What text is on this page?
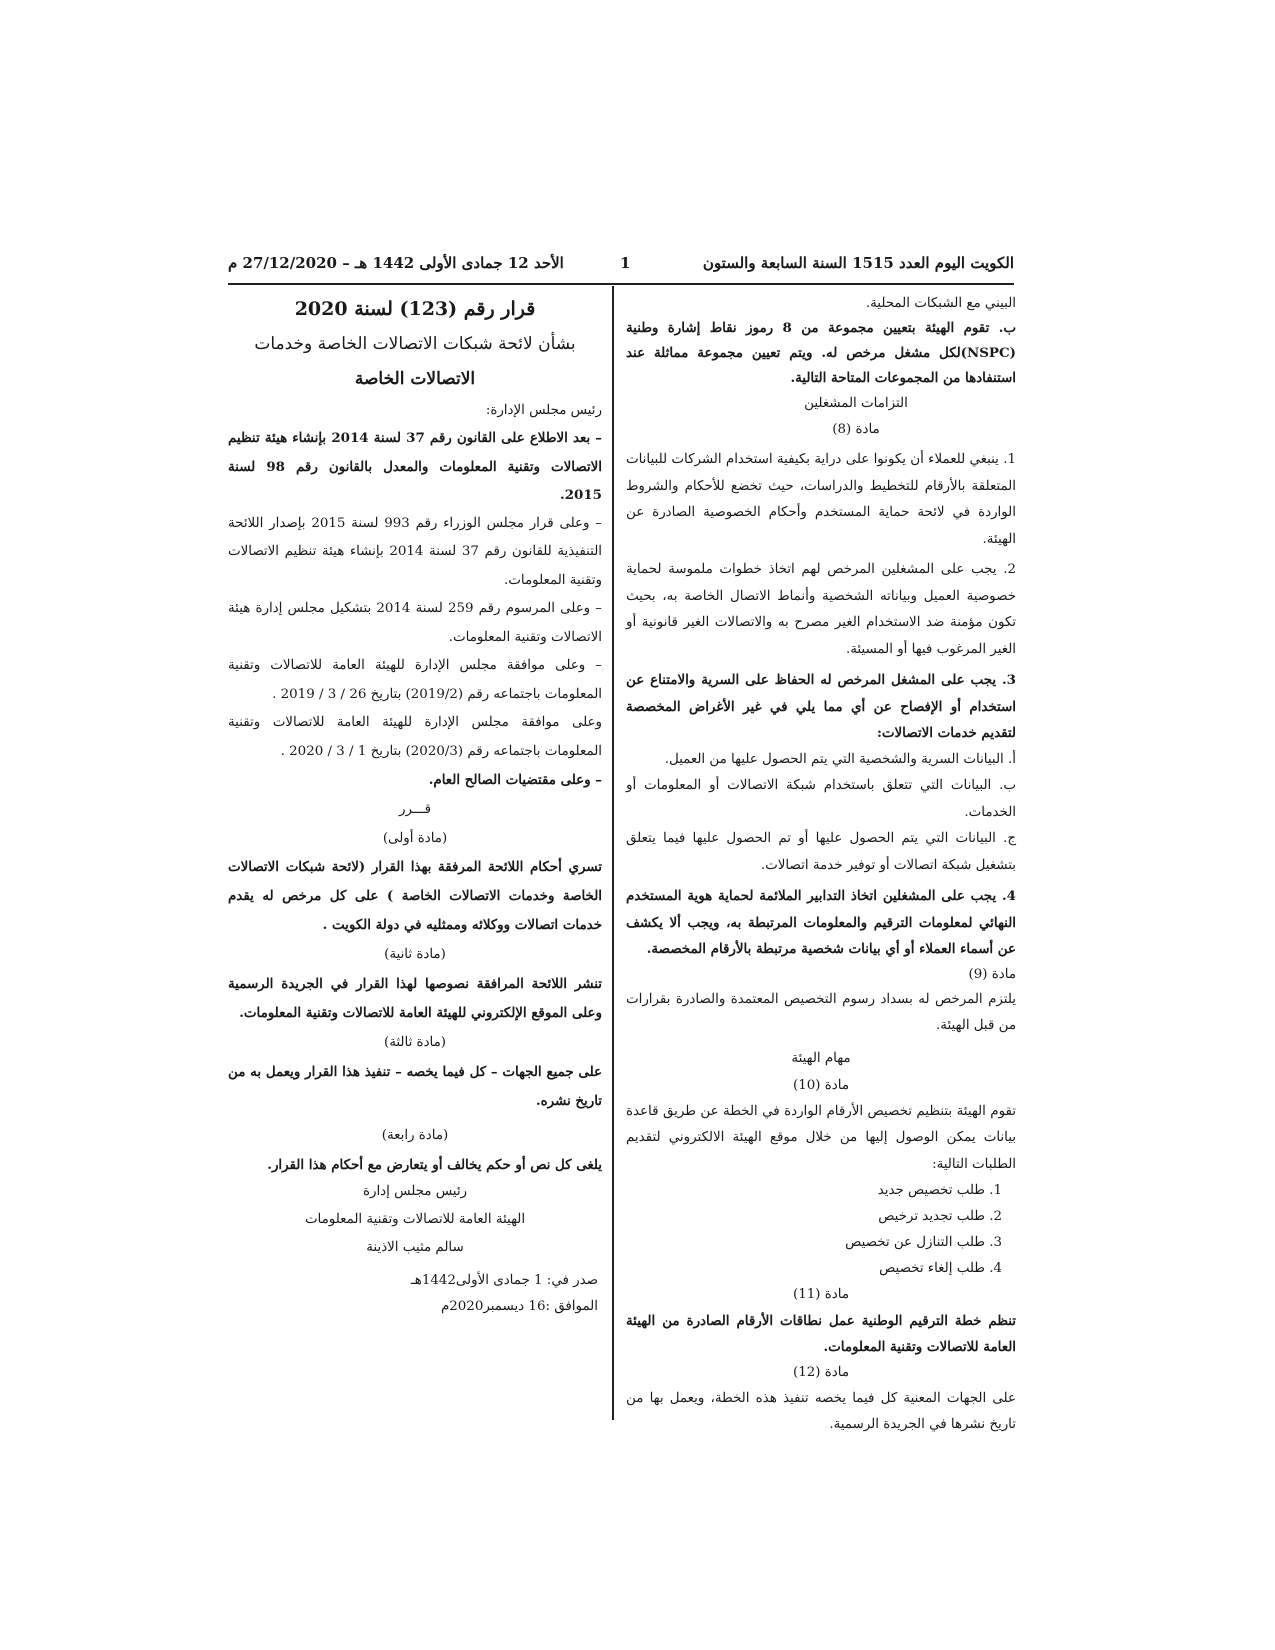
الكويت اليوم العدد 1515 السنة السابعة والستون
1
الأحد 12 جمادى الأولى 1442 هـ – 27/12/2020 م

البيني مع الشبكات المحلية.

ب. تقوم الهيئة بتعيين مجموعة من 8 رموز نقاط إشارة وطنية (NSPC)لكل مشغل مرخص له. ويتم تعيين مجموعة مماثلة عند استنفادها من المجموعات المتاحة التالية.

التزامات المشغلين

مادة (8)

1. ينبغي للعملاء أن يكونوا على دراية بكيفية استخدام الشركات للبيانات المتعلقة بالأرقام للتخطيط والدراسات، حيث تخضع للأحكام والشروط الواردة في لائحة حماية المستخدم وأحكام الخصوصية الصادرة عن الهيئة.

2. يجب على المشغلين المرخص لهم اتخاذ خطوات ملموسة لحماية خصوصية العميل وبياناته الشخصية وأنماط الاتصال الخاصة به، بحيث تكون مؤمنة ضد الاستخدام الغير مصرح به والاتصالات الغير قانونية أو الغير المرغوب فيها أو المسيئة.

3. يجب على المشغل المرخص له الحفاظ على السرية والامتناع عن استخدام أو الإفصاح عن أي مما يلي في غير الأغراض المخصصة لتقديم خدمات الاتصالات:

أ. البيانات السرية والشخصية التي يتم الحصول عليها من العميل.

ب. البيانات التي تتعلق باستخدام شبكة الاتصالات أو المعلومات أو الخدمات.

ج. البيانات التي يتم الحصول عليها أو تم الحصول عليها فيما يتعلق بتشغيل شبكة اتصالات أو توفير خدمة اتصالات.

4. يجب على المشغلين اتخاذ التدابير الملائمة لحماية هوية المستخدم النهائي لمعلومات الترقيم والمعلومات المرتبطة به، ويجب ألا يكشف عن أسماء العملاء أو أي بيانات شخصية مرتبطة بالأرقام المخصصة.

مادة (9)

يلتزم المرخص له بسداد رسوم التخصيص المعتمدة والصادرة بقرارات من قبل الهيئة.

مهام الهيئة

مادة (10)

تقوم الهيئة بتنظيم تخصيص الأرقام الواردة في الخطة عن طريق قاعدة بيانات يمكن الوصول إليها من خلال موقع الهيئة الالكتروني لتقديم الطلبات التالية:

1. طلب تخصيص جديد

2. طلب تجديد ترخيص

3. طلب التنازل عن تخصيص

4. طلب إلغاء تخصيص

مادة (11)

تنظم خطة الترقيم الوطنية عمل نطاقات الأرقام الصادرة من الهيئة العامة للاتصالات وتقنية المعلومات.

مادة (12)

على الجهات المعنية كل فيما يخصه تنفيذ هذه الخطة، ويعمل بها من تاريخ نشرها في الجريدة الرسمية.

قرار رقم (123) لسنة 2020

بشأن لائحة شبكات الاتصالات الخاصة وخدمات

الاتصالات الخاصة

رئيس مجلس الإدارة:

– بعد الاطلاع على القانون رقم 37 لسنة 2014 بإنشاء هيئة تنظيم الاتصالات وتقنية المعلومات والمعدل بالقانون رقم 98 لسنة 2015.

– وعلى قرار مجلس الوزراء رقم 993 لسنة 2015 بإصدار اللائحة التنفيذية للقانون رقم 37 لسنة 2014 بإنشاء هيئة تنظيم الاتصالات وتقنية المعلومات.

– وعلى المرسوم رقم 259 لسنة 2014 بتشكيل مجلس إدارة هيئة الاتصالات وتقنية المعلومات.

– وعلى موافقة مجلس الإدارة للهيئة العامة للاتصالات وتقنية المعلومات باجتماعه رقم (2019/2) بتاريخ 26 / 3 / 2019 .

وعلى موافقة مجلس الإدارة للهيئة العامة للاتصالات وتقنية المعلومات باجتماعه رقم (2020/3) بتاريخ 1 / 3 / 2020 .

– وعلى مقتضيات الصالح العام.

قـــرر

(مادة أولى)

تسري أحكام اللائحة المرفقة بهذا القرار (لائحة شبكات الاتصالات الخاصة وخدمات الاتصالات الخاصة ) على كل مرخص له يقدم خدمات اتصالات ووكلائه وممثليه في دولة الكويت .

(مادة ثانية)

تنشر اللائحة المرافقة نصوصها لهذا القرار في الجريدة الرسمية وعلى الموقع الإلكتروني للهيئة العامة للاتصالات وتقنية المعلومات.

(مادة ثالثة)

على جميع الجهات – كل فيما يخصه – تنفيذ هذا القرار ويعمل به من تاريخ نشره.

(مادة رابعة)

يلغى كل نص أو حكم يخالف أو يتعارض مع أحكام هذا القرار.

رئيس مجلس إدارة

الهيئة العامة للاتصالات وتقنية المعلومات

سالم مثيب الاذينة

صدر في: 1 جمادى الأولى1442هـ

الموافق :16 ديسمبر2020م
